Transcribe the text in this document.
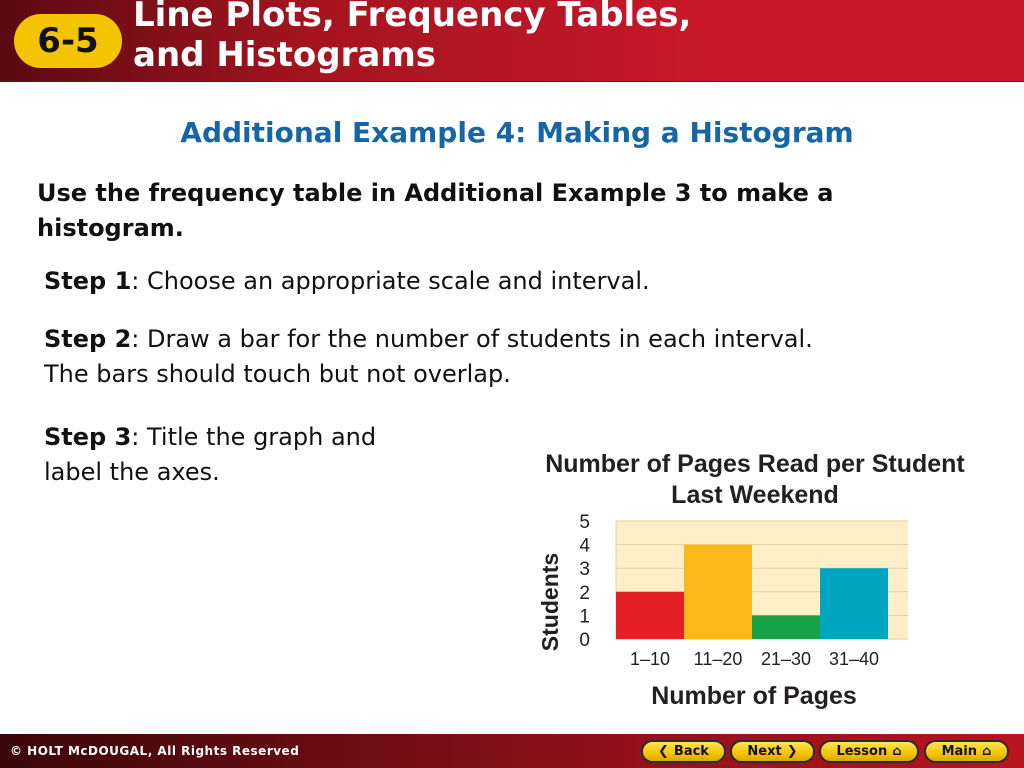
6-5
Line Plots, Frequency Tables,
and Histograms
Additional Example 4: Making a Histogram
Use the frequency table in Additional Example 3 to make a
histogram.
Step 1: Choose an appropriate scale and interval.
Step 2: Draw a bar for the number of students in each interval.
The bars should touch but not overlap.
Step 3: Title the graph and
label the axes.	Number of Pages Read per Student
Last Weekend
0
1
2
3
4
5
1–10 11–20 21–30 31–40
Students
Number of Pages
© HOLT McDOUGAL, All Rights Reserved	❮ Back	Next ❯	Lesson ⌂	Main ⌂
